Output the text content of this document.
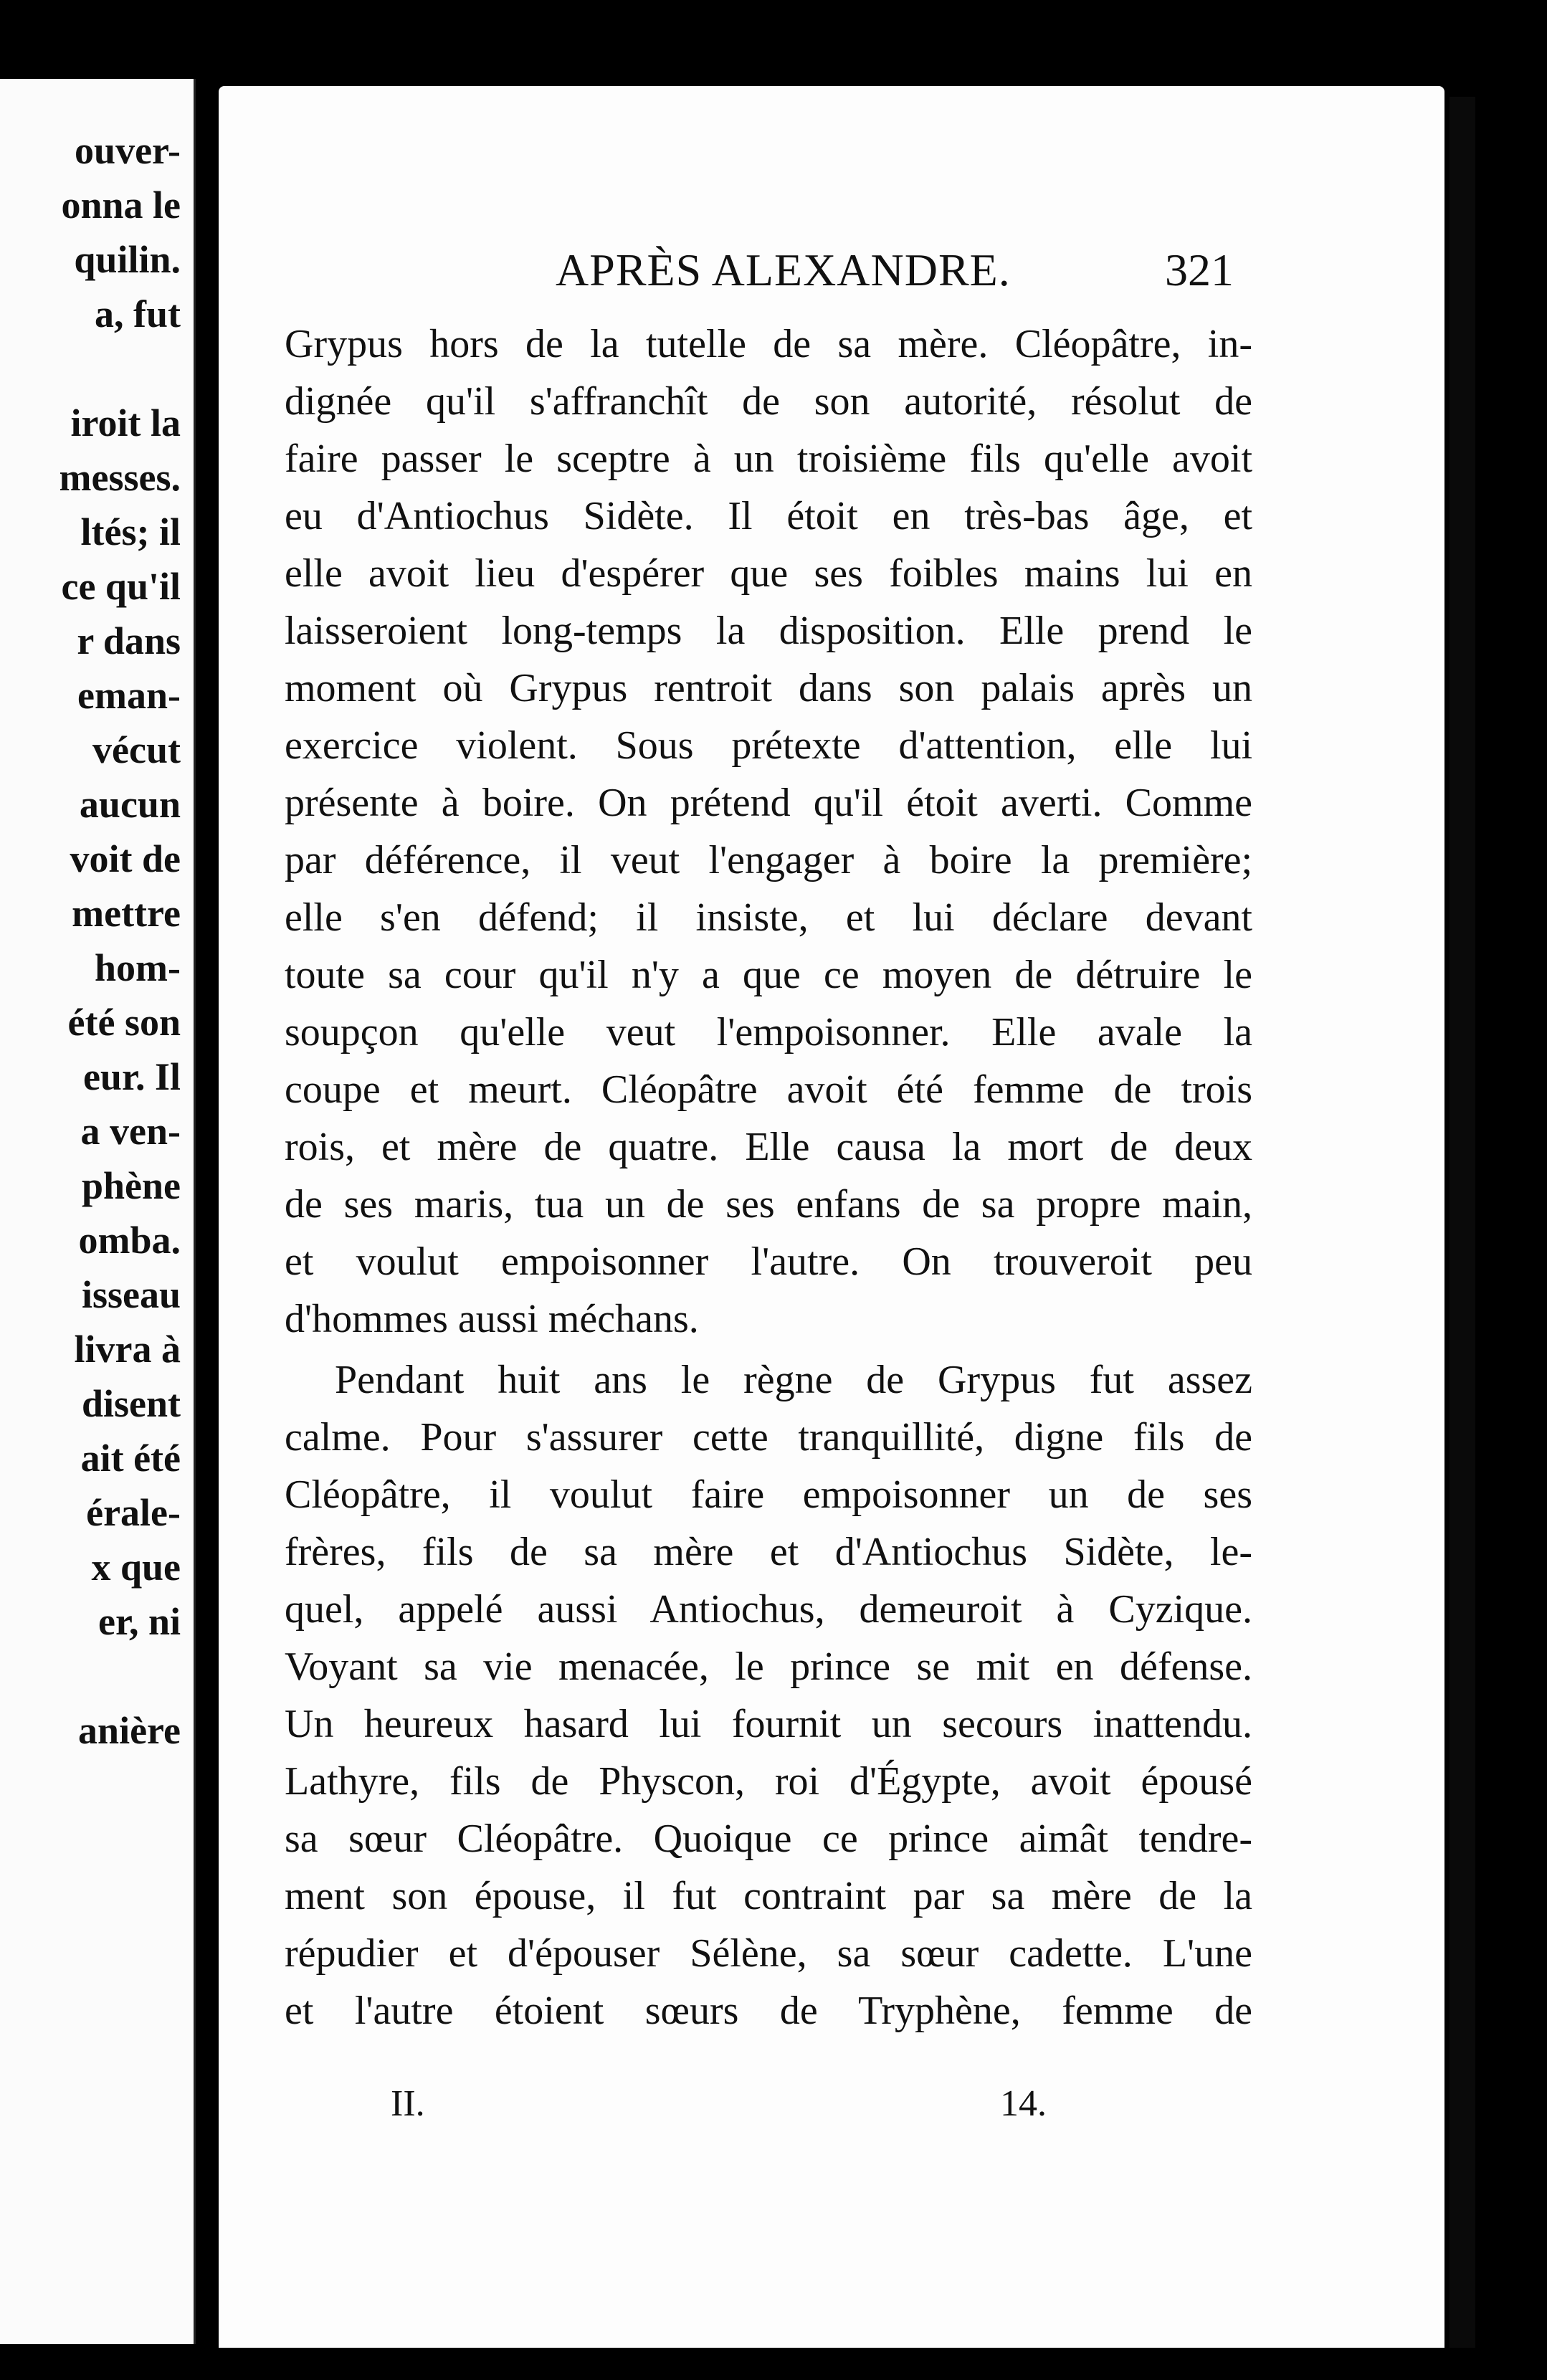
ouver-
onna le
quilin.
a, fut
iroit la
messes.
ltés; il
ce qu'il
r dans
eman-
vécut
aucun
voit de
mettre
hom-
été son
eur. Il
a ven-
phène
omba.
isseau
livra à
disent
ait été
érale-
x que
er, ni
anière
APRÈS ALEXANDRE.	321
Grypus hors de la tutelle de sa mère. Cléopâtre, in-
dignée qu'il s'affranchît de son autorité, résolut de
faire passer le sceptre à un troisième fils qu'elle avoit
eu d'Antiochus Sidète. Il étoit en très-bas âge, et
elle avoit lieu d'espérer que ses foibles mains lui en
laisseroient long-temps la disposition. Elle prend le
moment où Grypus rentroit dans son palais après un
exercice violent. Sous prétexte d'attention, elle lui
présente à boire. On prétend qu'il étoit averti. Comme
par déférence, il veut l'engager à boire la première;
elle s'en défend; il insiste, et lui déclare devant
toute sa cour qu'il n'y a que ce moyen de détruire le
soupçon qu'elle veut l'empoisonner. Elle avale la
coupe et meurt. Cléopâtre avoit été femme de trois
rois, et mère de quatre. Elle causa la mort de deux
de ses maris, tua un de ses enfans de sa propre main,
et voulut empoisonner l'autre. On trouveroit peu
d'hommes aussi méchans.
Pendant huit ans le règne de Grypus fut assez
calme. Pour s'assurer cette tranquillité, digne fils de
Cléopâtre, il voulut faire empoisonner un de ses
frères, fils de sa mère et d'Antiochus Sidète, le-
quel, appelé aussi Antiochus, demeuroit à Cyzique.
Voyant sa vie menacée, le prince se mit en défense.
Un heureux hasard lui fournit un secours inattendu.
Lathyre, fils de Physcon, roi d'Égypte, avoit épousé
sa sœur Cléopâtre. Quoique ce prince aimât tendre-
ment son épouse, il fut contraint par sa mère de la
répudier et d'épouser Sélène, sa sœur cadette. L'une
et l'autre étoient sœurs de Tryphène, femme de
II.	14.
